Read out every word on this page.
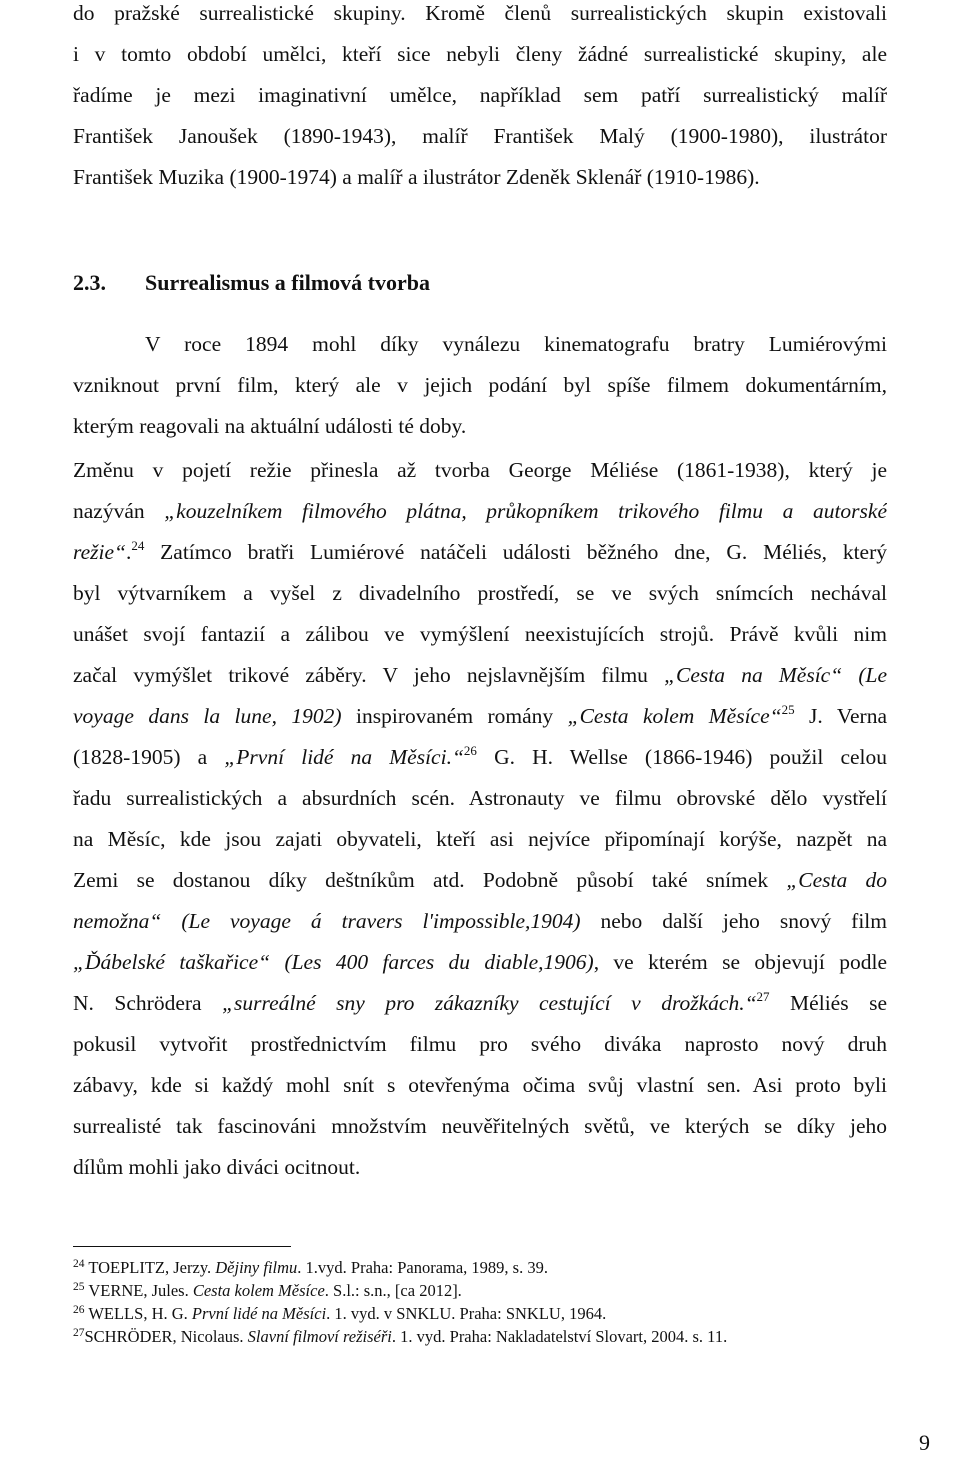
do pražské surrealistické skupiny. Kromě členů surrealistických skupin existovali
i v tomto období umělci, kteří sice nebyli členy žádné surrealistické skupiny, ale
řadíme je mezi imaginativní umělce, například sem patří surrealistický malíř
František Janoušek (1890-1943), malíř František Malý (1900-1980), ilustrátor
František Muzika (1900-1974) a malíř a ilustrátor Zdeněk Sklenář (1910-1986).
2.3. Surrealismus a filmová tvorba
V roce 1894 mohl díky vynálezu kinematografu bratry Lumiérovými
vzniknout první film, který ale v jejich podání byl spíše filmem dokumentárním,
kterým reagovali na aktuální události té doby.
Změnu v pojetí režie přinesla až tvorba George Méliése (1861-1938), který je
nazýván „kouzelníkem filmového plátna, průkopníkem trikového filmu a autorské
režie“.$^{24}$ Zatímco bratři Lumiérové natáčeli události běžného dne, G. Méliés, který
byl výtvarníkem a vyšel z divadelního prostředí, se ve svých snímcích nechával
unášet svojí fantazií a zálibou ve vymýšlení neexistujících strojů. Právě kvůli nim
začal vymýšlet trikové záběry. V jeho nejslavnějším filmu „Cesta na Měsíc“ (Le
voyage dans la lune, 1902) inspirovaném romány „Cesta kolem Měsíce“$^{25}$ J. Verna
(1828-1905) a „První lidé na Měsíci.“$^{26}$ G. H. Wellse (1866-1946) použil celou
řadu surrealistických a absurdních scén. Astronauty ve filmu obrovské dělo vystřelí
na Měsíc, kde jsou zajati obyvateli, kteří asi nejvíce připomínají korýše, nazpět na
Zemi se dostanou díky deštníkům atd. Podobně působí také snímek „Cesta do
nemožna“ (Le voyage á travers l'impossible,1904) nebo další jeho snový film
„Ďábelské taškařice“ (Les 400 farces du diable,1906), ve kterém se objevují podle
N. Schrödera „surreálné sny pro zákazníky cestující v drožkách.“$^{27}$ Méliés se
pokusil vytvořit prostřednictvím filmu pro svého diváka naprosto nový druh
zábavy, kde si každý mohl snít s otevřenýma očima svůj vlastní sen. Asi proto byli
surrealisté tak fascinováni množstvím neuvěřitelných světů, ve kterých se díky jeho
dílům mohli jako diváci ocitnout.
$^{24}$ TOEPLITZ, Jerzy. Dějiny filmu. 1.vyd. Praha: Panorama, 1989, s. 39.
$^{25}$ VERNE, Jules. Cesta kolem Měsíce. S.l.: s.n., [ca 2012].
$^{26}$ WELLS, H. G. První lidé na Měsíci. 1. vyd. v SNKLU. Praha: SNKLU, 1964.
$^{27}$SCHRÖDER, Nicolaus. Slavní filmoví režiséři. 1. vyd. Praha: Nakladatelství Slovart, 2004. s. 11.
9
